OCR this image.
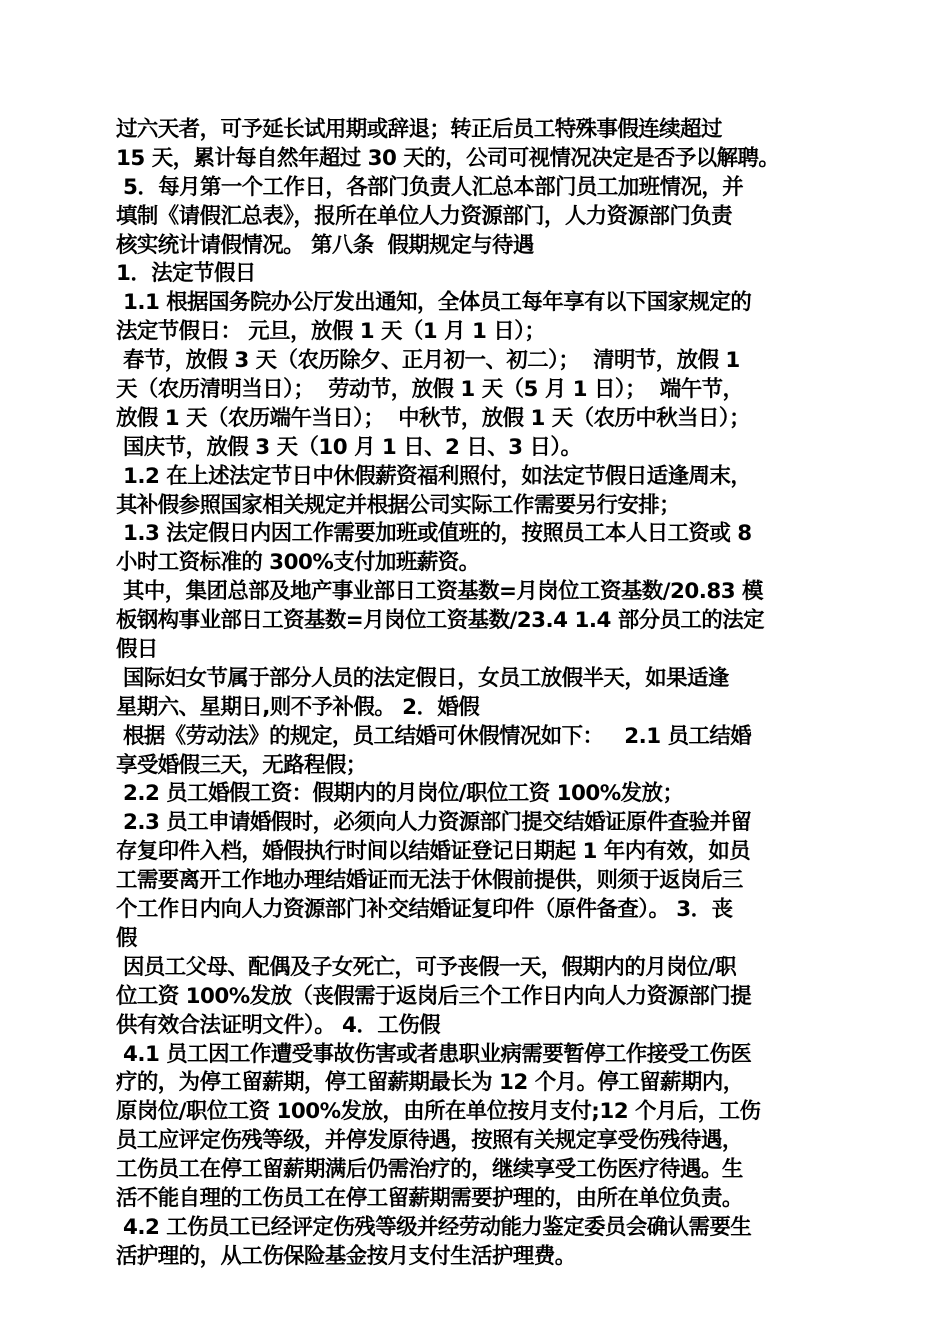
过六天者，可予延长试用期或辞退；转正后员工特殊事假连续超过
15 天，累计每自然年超过 30 天的，公司可视情况决定是否予以解聘。
5．每月第一个工作日，各部门负责人汇总本部门员工加班情况，并
填制《请假汇总表》，报所在单位人力资源部门，人力资源部门负责
核实统计请假情况。 第八条  假期规定与待遇
1．法定节假日
1.1 根据国务院办公厅发出通知，全体员工每年享有以下国家规定的
法定节假日： 元旦，放假 1 天（1 月 1 日）；
春节，放假 3 天（农历除夕、正月初一、初二）；  清明节，放假 1
天（农历清明当日）；  劳动节，放假 1 天（5 月 1 日）；  端午节，
放假 1 天（农历端午当日）；  中秋节，放假 1 天（农历中秋当日）；
国庆节，放假 3 天（10 月 1 日、2 日、3 日）。
1.2 在上述法定节日中休假薪资福利照付，如法定节假日适逢周末，
其补假参照国家相关规定并根据公司实际工作需要另行安排；
1.3 法定假日内因工作需要加班或值班的，按照员工本人日工资或 8
小时工资标准的 300%支付加班薪资。
其中，集团总部及地产事业部日工资基数=月岗位工资基数/20.83 模
板钢构事业部日工资基数=月岗位工资基数/23.4 1.4 部分员工的法定
假日
国际妇女节属于部分人员的法定假日，女员工放假半天，如果适逢
星期六、星期日,则不予补假。 2．婚假
根据《劳动法》的规定，员工结婚可休假情况如下：   2.1 员工结婚
享受婚假三天，无路程假；
2.2 员工婚假工资：假期内的月岗位/职位工资 100%发放；
2.3 员工申请婚假时，必须向人力资源部门提交结婚证原件查验并留
存复印件入档，婚假执行时间以结婚证登记日期起 1 年内有效，如员
工需要离开工作地办理结婚证而无法于休假前提供，则须于返岗后三
个工作日内向人力资源部门补交结婚证复印件（原件备查）。 3．丧
假
因员工父母、配偶及子女死亡，可予丧假一天，假期内的月岗位/职
位工资 100%发放（丧假需于返岗后三个工作日内向人力资源部门提
供有效合法证明文件）。 4．工伤假
4.1 员工因工作遭受事故伤害或者患职业病需要暂停工作接受工伤医
疗的，为停工留薪期，停工留薪期最长为 12 个月。停工留薪期内，
原岗位/职位工资 100%发放，由所在单位按月支付;12 个月后，工伤
员工应评定伤残等级，并停发原待遇，按照有关规定享受伤残待遇，
工伤员工在停工留薪期满后仍需治疗的，继续享受工伤医疗待遇。生
活不能自理的工伤员工在停工留薪期需要护理的，由所在单位负责。
4.2 工伤员工已经评定伤残等级并经劳动能力鉴定委员会确认需要生
活护理的，从工伤保险基金按月支付生活护理费。
